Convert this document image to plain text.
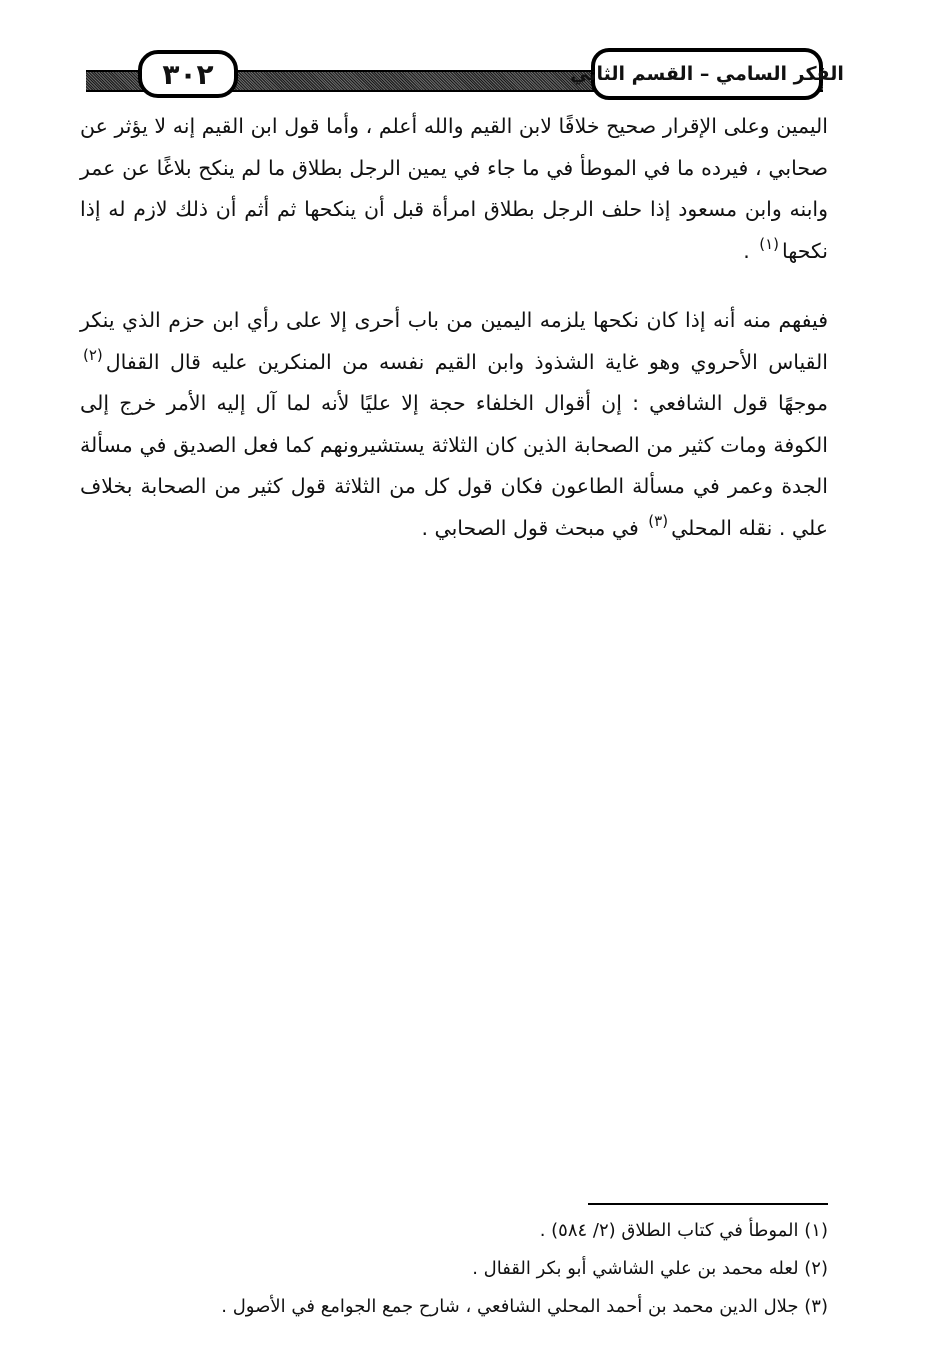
٣٠٢	الفكر السامي – القسم الثاني

اليمين وعلى الإقرار صحيح خلافًا لابن القيم والله أعلم ، وأما قول ابن القيم إنه لا يؤثر عن صحابي ، فيرده ما في الموطأ في ما جاء في يمين الرجل بطلاق ما لم ينكح بلاغًا عن عمر وابنه وابن مسعود إذا حلف الرجل بطلاق امرأة قبل أن ينكحها ثم أثم أن ذلك لازم له إذا نكحها$^{(١)}$ .

فيفهم منه أنه إذا كان نكحها يلزمه اليمين من باب أحرى إلا على رأي ابن حزم الذي ينكر القياس الأحروي وهو غاية الشذوذ وابن القيم نفسه من المنكرين عليه قال القفال$^{(٢)}$ موجهًا قول الشافعي : إن أقوال الخلفاء حجة إلا عليًا لأنه لما آل إليه الأمر خرج إلى الكوفة ومات كثير من الصحابة الذين كان الثلاثة يستشيرونهم كما فعل الصديق في مسألة الجدة وعمر في مسألة الطاعون فكان قول كل من الثلاثة قول كثير من الصحابة بخلاف علي . نقله المحلي$^{(٣)}$ في مبحث قول الصحابي .

(١) الموطأ في كتاب الطلاق (٢/ ٥٨٤) .

(٢) لعله محمد بن علي الشاشي أبو بكر القفال .

(٣) جلال الدين محمد بن أحمد المحلي الشافعي ، شارح جمع الجوامع في الأصول .
